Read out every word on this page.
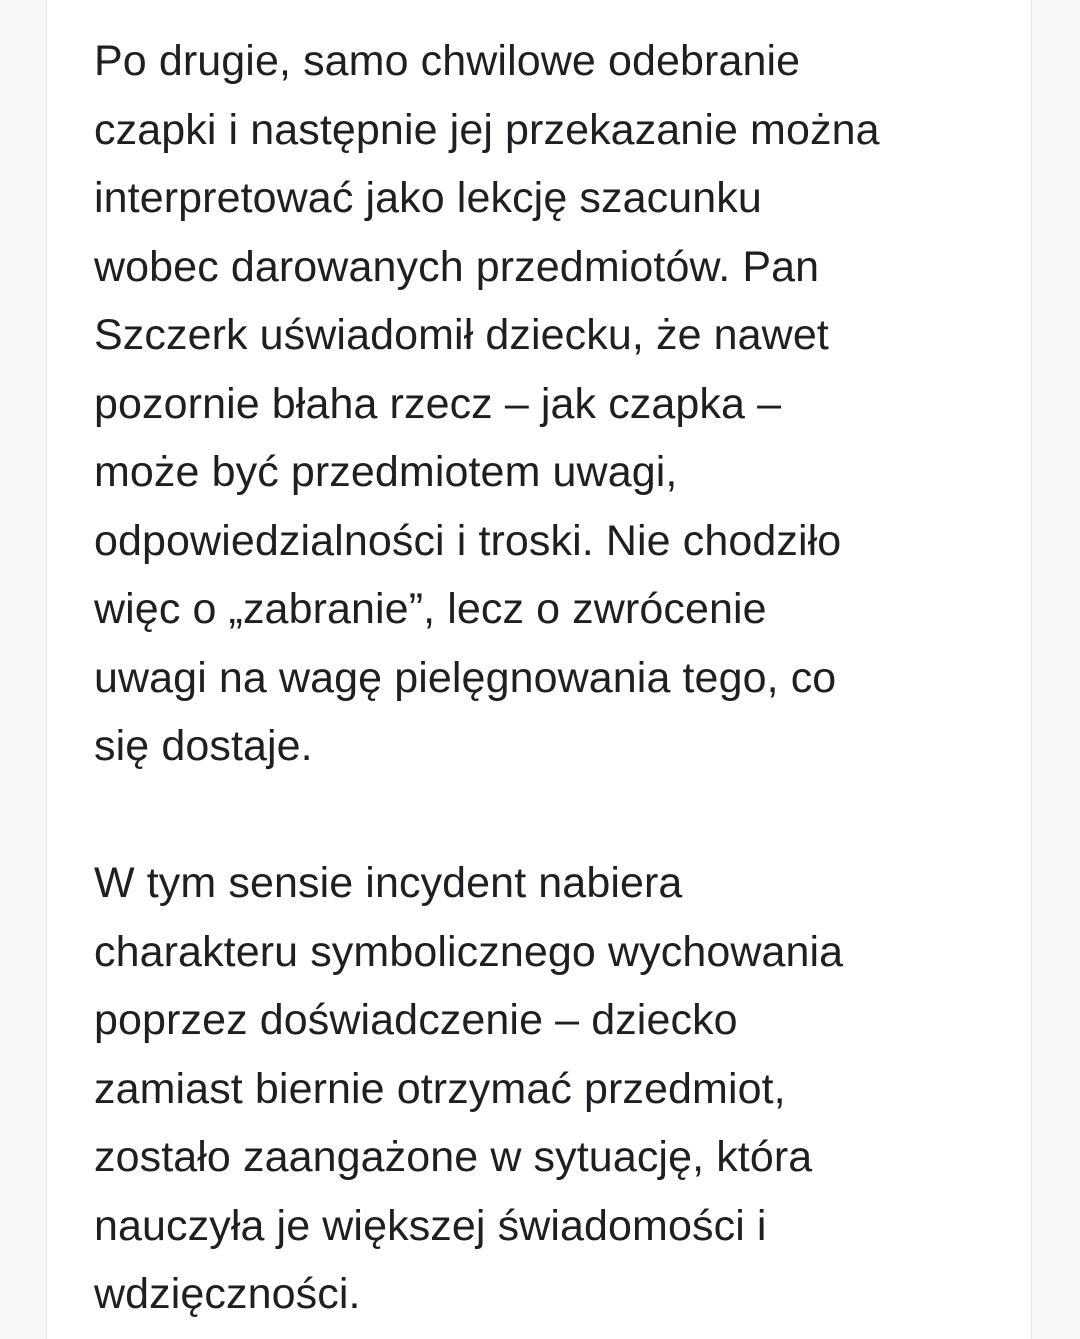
Po drugie, samo chwilowe odebranie
czapki i następnie jej przekazanie można
interpretować jako lekcję szacunku
wobec darowanych przedmiotów. Pan
Szczerk uświadomił dziecku, że nawet
pozornie błaha rzecz – jak czapka –
może być przedmiotem uwagi,
odpowiedzialności i troski. Nie chodziło
więc o „zabranie”, lecz o zwrócenie
uwagi na wagę pielęgnowania tego, co
się dostaje.
W tym sensie incydent nabiera
charakteru symbolicznego wychowania
poprzez doświadczenie – dziecko
zamiast biernie otrzymać przedmiot,
zostało zaangażone w sytuację, która
nauczyła je większej świadomości i
wdzięczności.
